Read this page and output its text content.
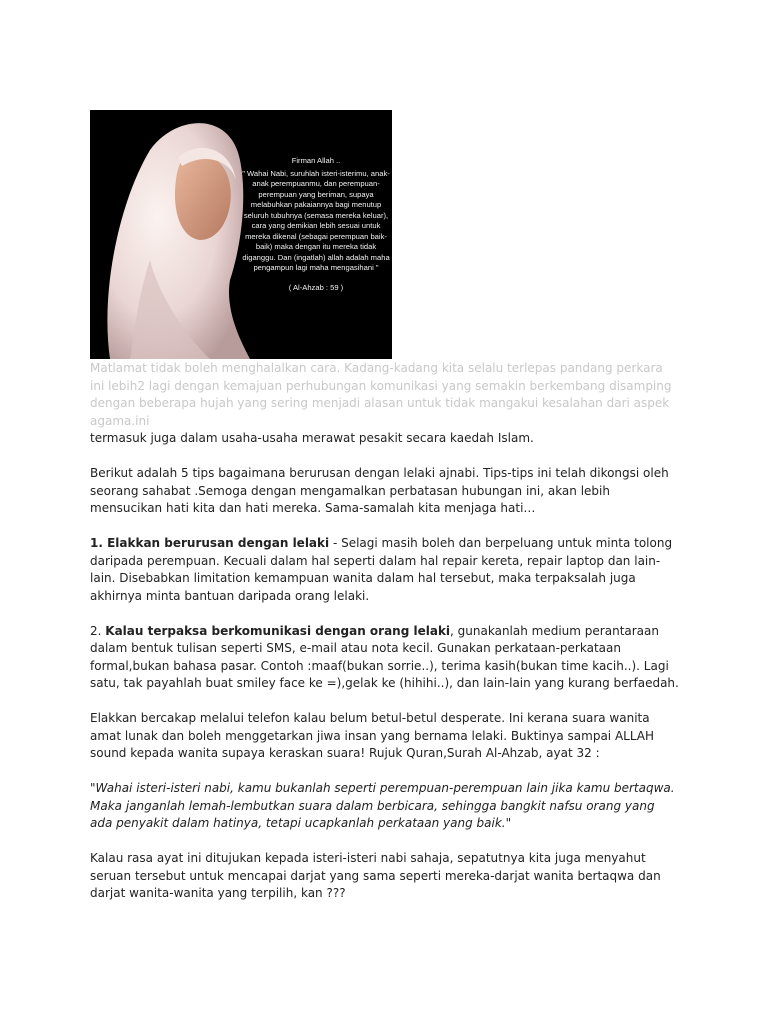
Firman Allah ..
" Wahai Nabi, suruhlah isteri-isterimu, anak-anak perempuanmu, dan perempuan-perempuan yang beriman, supaya melabuhkan pakaiannya bagi menutup seluruh tubuhnya (semasa mereka keluar), cara yang demikian lebih sesuai untuk mereka dikenal (sebagai perempuan baik-baik) maka dengan itu mereka tidak diganggu. Dan (ingatlah) allah adalah maha pengampun lagi maha mengasihani "
( Al-Ahzab : 59 )

Matlamat tidak boleh menghalalkan cara. Kadang-kadang kita selalu terlepas pandang perkara ini lebih2 lagi dengan kemajuan perhubungan komunikasi yang semakin berkembang disamping dengan beberapa hujah yang sering menjadi alasan untuk tidak mangakui kesalahan dari aspek agama.ini

termasuk juga dalam usaha-usaha merawat pesakit secara kaedah Islam.

Berikut adalah 5 tips bagaimana berurusan dengan lelaki ajnabi. Tips-tips ini telah dikongsi oleh seorang sahabat .Semoga dengan mengamalkan perbatasan hubungan ini, akan lebih mensucikan hati kita dan hati mereka. Sama-samalah kita menjaga hati…

1. Elakkan berurusan dengan lelaki - Selagi masih boleh dan berpeluang untuk minta tolong daripada perempuan. Kecuali dalam hal seperti dalam hal repair kereta, repair laptop dan lain-lain. Disebabkan limitation kemampuan wanita dalam hal tersebut, maka terpaksalah juga akhirnya minta bantuan daripada orang lelaki.

2. Kalau terpaksa berkomunikasi dengan orang lelaki, gunakanlah medium perantaraan dalam bentuk tulisan seperti SMS, e-mail atau nota kecil. Gunakan perkataan-perkataan formal,bukan bahasa pasar. Contoh :maaf(bukan sorrie..), terima kasih(bukan time kacih..). Lagi satu, tak payahlah buat smiley face ke =),gelak ke (hihihi..), dan lain-lain yang kurang berfaedah.

Elakkan bercakap melalui telefon kalau belum betul-betul desperate. Ini kerana suara wanita amat lunak dan boleh menggetarkan jiwa insan yang bernama lelaki. Buktinya sampai ALLAH sound kepada wanita supaya keraskan suara! Rujuk Quran,Surah Al-Ahzab, ayat 32 :

"Wahai isteri-isteri nabi, kamu bukanlah seperti perempuan-perempuan lain jika kamu bertaqwa. Maka janganlah lemah-lembutkan suara dalam berbicara, sehingga bangkit nafsu orang yang ada penyakit dalam hatinya, tetapi ucapkanlah perkataan yang baik."

Kalau rasa ayat ini ditujukan kepada isteri-isteri nabi sahaja, sepatutnya kita juga menyahut seruan tersebut untuk mencapai darjat yang sama seperti mereka-darjat wanita bertaqwa dan darjat wanita-wanita yang terpilih, kan ???
